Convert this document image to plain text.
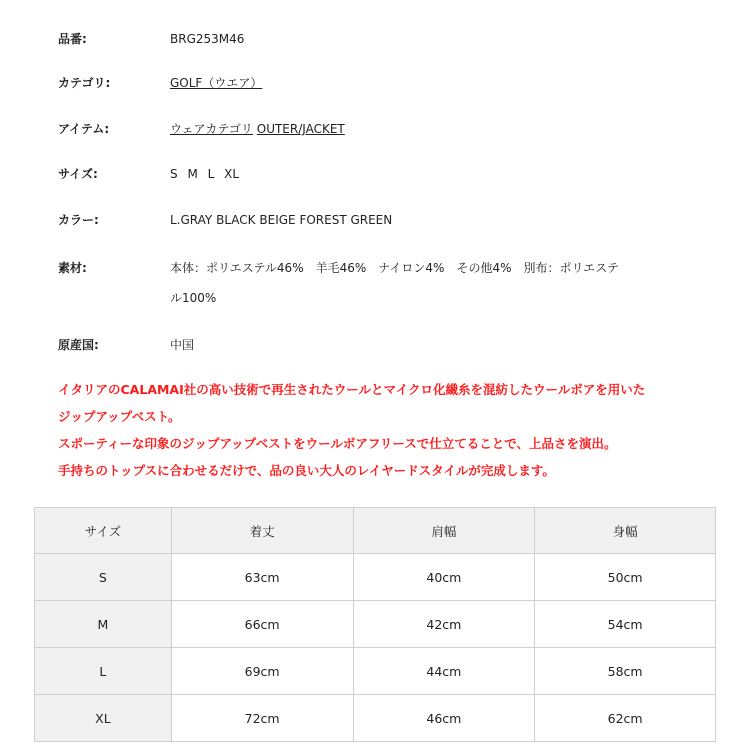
品番:	BRG253M46
カテゴリ:	GOLF（ウエア）
アイテム:	ウェアカテゴリ OUTER/JACKET
サイズ:	S M L XL
カラー:	L.GRAY BLACK BEIGE FOREST GREEN
素材:	本体：ポリエステル46%　羊毛46%　ナイロン4%　その他4%　別布：ポリエステ
ル100%
原産国:	中国

イタリアのCALAMAI社の高い技術で再生されたウールとマイクロ化繊糸を混紡したウールボアを用いた

ジップアップベスト。

スポーティーな印象のジップアップベストをウールボアフリースで仕立てることで、上品さを演出。

手持ちのトップスに合わせるだけで、品の良い大人のレイヤードスタイルが完成します。

サイズ	着丈	肩幅	身幅
S	63cm	40cm	50cm
M	66cm	42cm	54cm
L	69cm	44cm	58cm
XL	72cm	46cm	62cm
